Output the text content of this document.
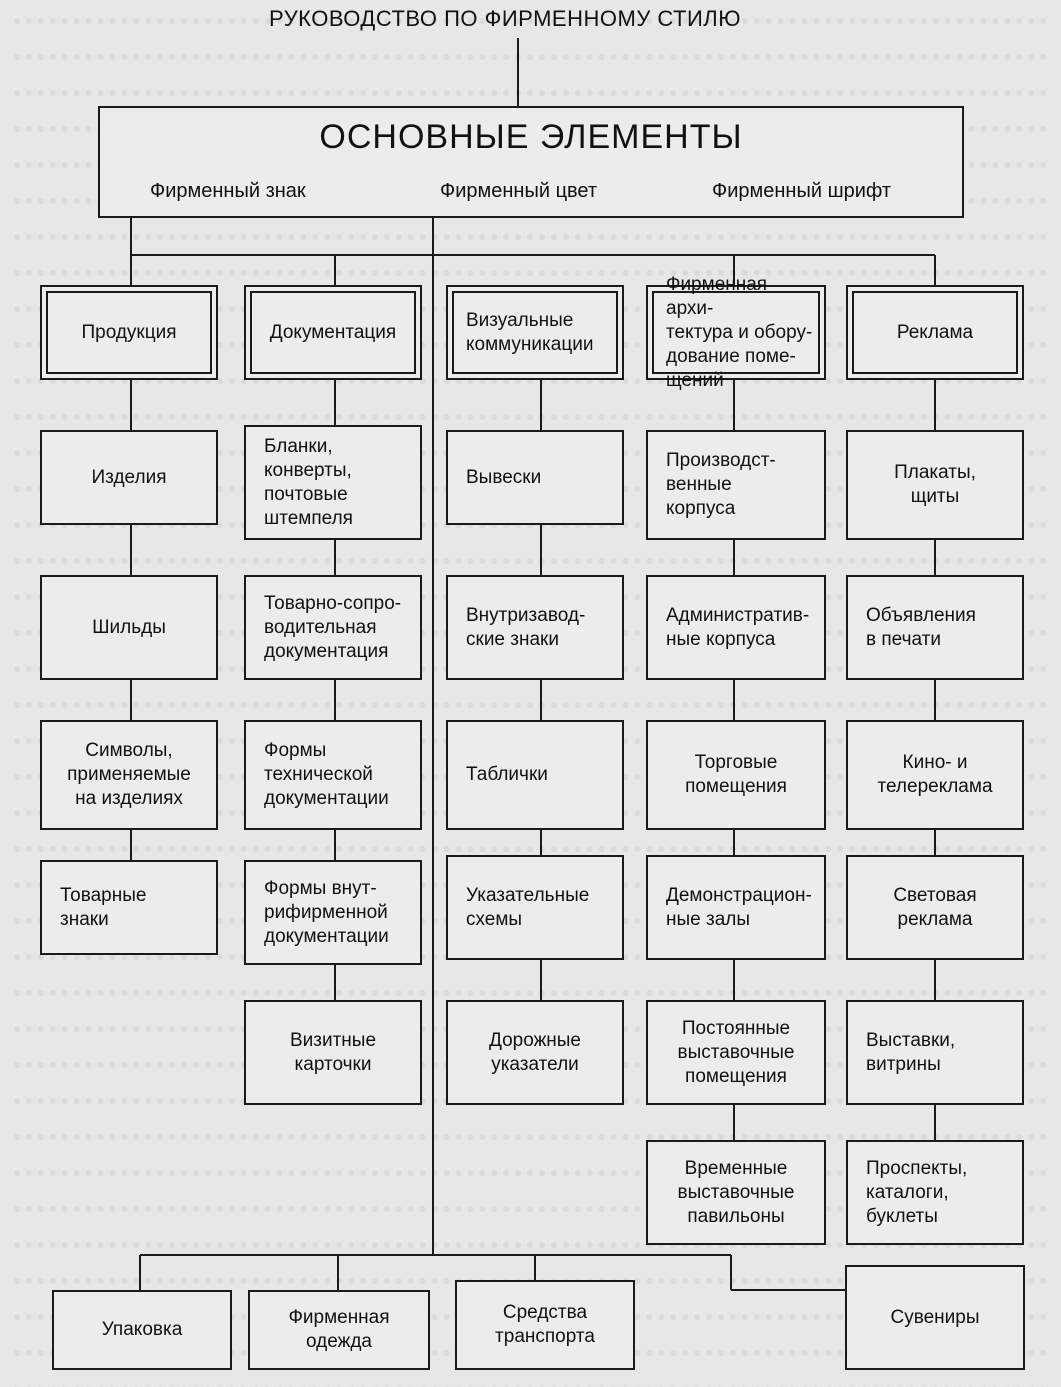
РУКОВОДСТВО ПО ФИРМЕННОМУ СТИЛЮ
ОСНОВНЫЕ ЭЛЕМЕНТЫ
Фирменный знак	Фирменный цвет	Фирменный шрифт
Продукция	Документация
Визуальные
коммуникации
Фирменная архи-
тектура и обору-
дование поме-
щений
Реклама
Изделия
Шильды
Символы,
применяемые
на изделиях
Товарные
знаки
Бланки,
конверты,
почтовые
штемпеля
Товарно-сопро-
водительная
документация
Формы
технической
документации
Формы внут-
рифирменной
документации
Визитные
карточки
Вывески
Внутризавод-
ские знаки
Таблички
Указательные
схемы
Дорожные
указатели
Производст-
венные
корпуса
Административ-
ные корпуса
Торговые
помещения
Демонстрацион-
ные залы
Постоянные
выставочные
помещения
Временные
выставочные
павильоны
Плакаты,
щиты
Объявления
в печати
Кино- и
телереклама
Световая
реклама
Выставки,
витрины
Проспекты,
каталоги,
буклеты
Упаковка
Фирменная
одежда
Средства
транспорта
Сувениры
